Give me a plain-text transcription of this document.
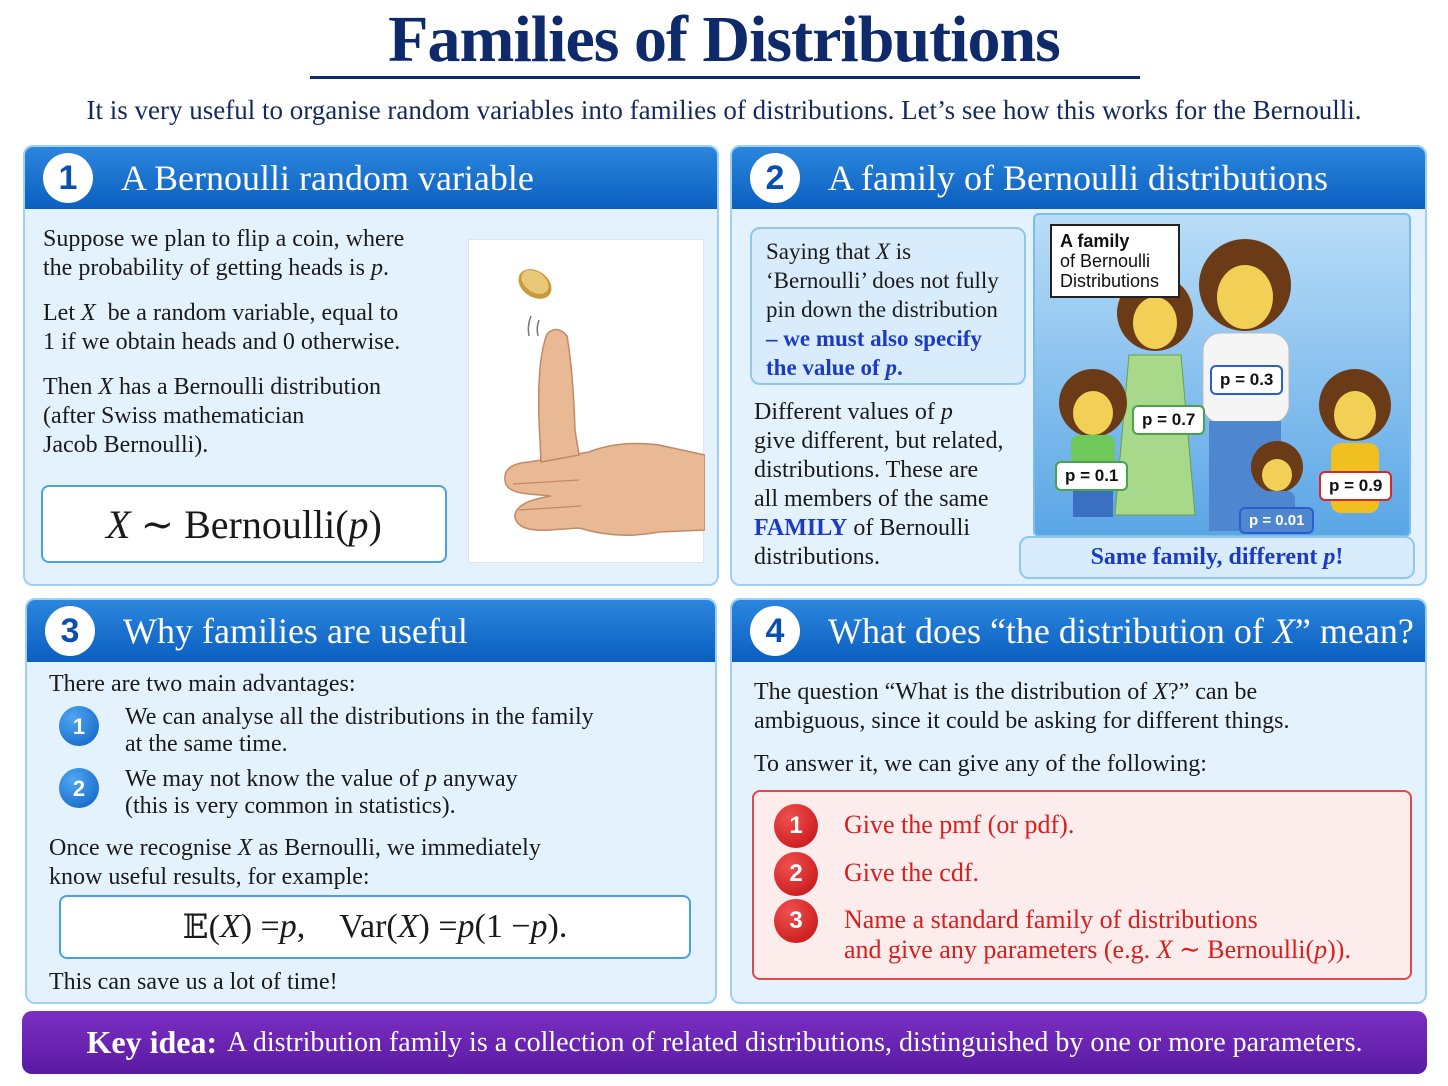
Families of Distributions
It is very useful to organise random variables into families of distributions. Let’s see how this works for the Bernoulli.
1	A Bernoulli random variable
Suppose we plan to flip a coin, where
the probability of getting heads is p.
Let X be a random variable, equal to
1 if we obtain heads and 0 otherwise.
Then X has a Bernoulli distribution
(after Swiss mathematician
Jacob Bernoulli).
X
∼
Bernoulli( p )
2	A family of Bernoulli distributions
Saying that X is
‘Bernoulli’ does not fully
pin down the distribution
– we must also specify
the value of p.
Different values of p
give different, but related,
distributions. These are
all members of the same
FAMILY of Bernoulli
distributions.
p = 0.3
p = 0.7
p = 0.1
p = 0.9
p = 0.01
A family
of Bernoulli
Distributions
Same family, different
p !
3	Why families are useful
There are two main advantages:
1	We can analyse all the distributions in the family
at the same time.
2	We may not know the value of p anyway
(this is very common in statistics).
Once we recognise X as Bernoulli, we immediately
know useful results, for example:
𝔼( X ) = p ,
Var( X ) = p (1 − p ).
This can save us a lot of time!
4	What does “the distribution of X” mean?
The question “What is the distribution of X?” can be
ambiguous, since it could be asking for different things.
To answer it, we can give any of the following:
1	Give the pmf (or pdf).
2	Give the cdf.
3	Name a standard family of distributions
and give any parameters (e.g. X ∼ Bernoulli(p)).
Key idea: A distribution family is a collection of related distributions, distinguished by one or more parameters.
